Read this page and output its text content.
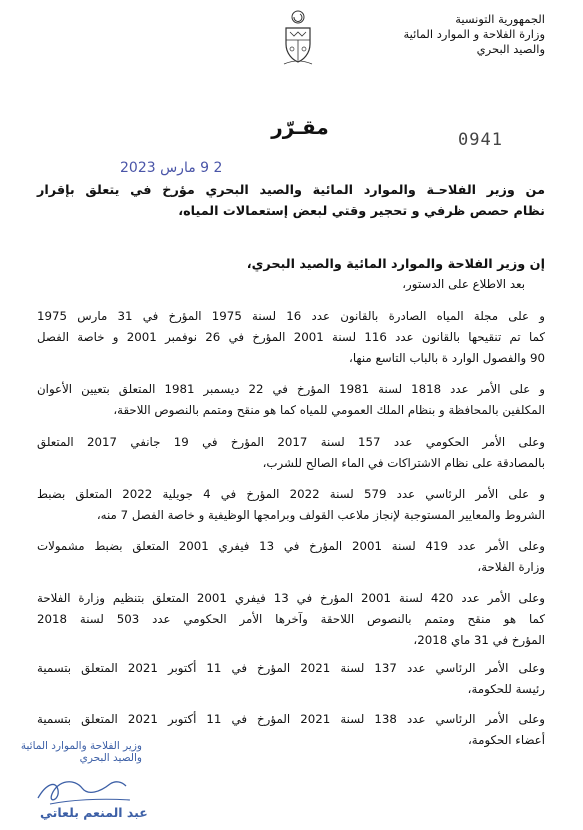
الجمهورية التونسية
وزارة الفلاحة و الموارد المائية
والصيد البحري
مقـرّر
0941
2 9 مارس 2023
من وزير الفلاحـة والموارد المائية والصيد البحري مؤرخ في يتعلق بإقرار
نظام حصص ظرفي و تحجير وقتي لبعض إستعمالات المياه،
إن وزير الفلاحة والموارد المائية والصيد البحري،
بعد الاطلاع على الدستور،
و على مجلة المياه الصادرة بالقانون عدد 16 لسنة 1975 المؤرخ في 31 مارس 1975
كما تم تنقيحها بالقانون عدد 116 لسنة 2001 المؤرخ في 26 نوفمبر 2001 و خاصة الفصل
90 والفصول الوارد ة بالباب التاسع منها،
و على الأمر عدد 1818 لسنة 1981 المؤرخ في 22 ديسمبر 1981 المتعلق بتعيين الأعوان
المكلفين بالمحافظة و بنظام الملك العمومي للمياه كما هو منقح ومتمم بالنصوص اللاحقة،
وعلى الأمر الحكومي عدد 157 لسنة 2017 المؤرخ في 19 جانفي 2017 المتعلق
بالمصادقة على نظام الاشتراكات في الماء الصالح للشرب،
و على الأمر الرئاسي عدد 579 لسنة 2022 المؤرخ في 4 جويلية 2022 المتعلق بضبط
الشروط والمعايير المستوجبة لإنجاز ملاعب القولف وبرامجها الوظيفية و خاصة الفصل 7 منه،
وعلى الأمر عدد 419 لسنة 2001 المؤرخ في 13 فيفري 2001 المتعلق بضبط مشمولات
وزارة الفلاحة،
وعلى الأمر عدد 420 لسنة 2001 المؤرخ في 13 فيفري 2001 المتعلق بتنظيم وزارة الفلاحة
كما هو منقح ومتمم بالنصوص اللاحقة وآخرها الأمر الحكومي عدد 503 لسنة 2018
المؤرخ في 31 ماي 2018،
وعلى الأمر الرئاسي عدد 137 لسنة 2021 المؤرخ في 11 أكتوبر 2021 المتعلق بتسمية
رئيسة للحكومة،
وعلى الأمر الرئاسي عدد 138 لسنة 2021 المؤرخ في 11 أكتوبر 2021 المتعلق بتسمية
أعضاء الحكومة،
وزير الفلاحة والموارد المائية
والصيد البحري
عبد المنعم بلعاتي
